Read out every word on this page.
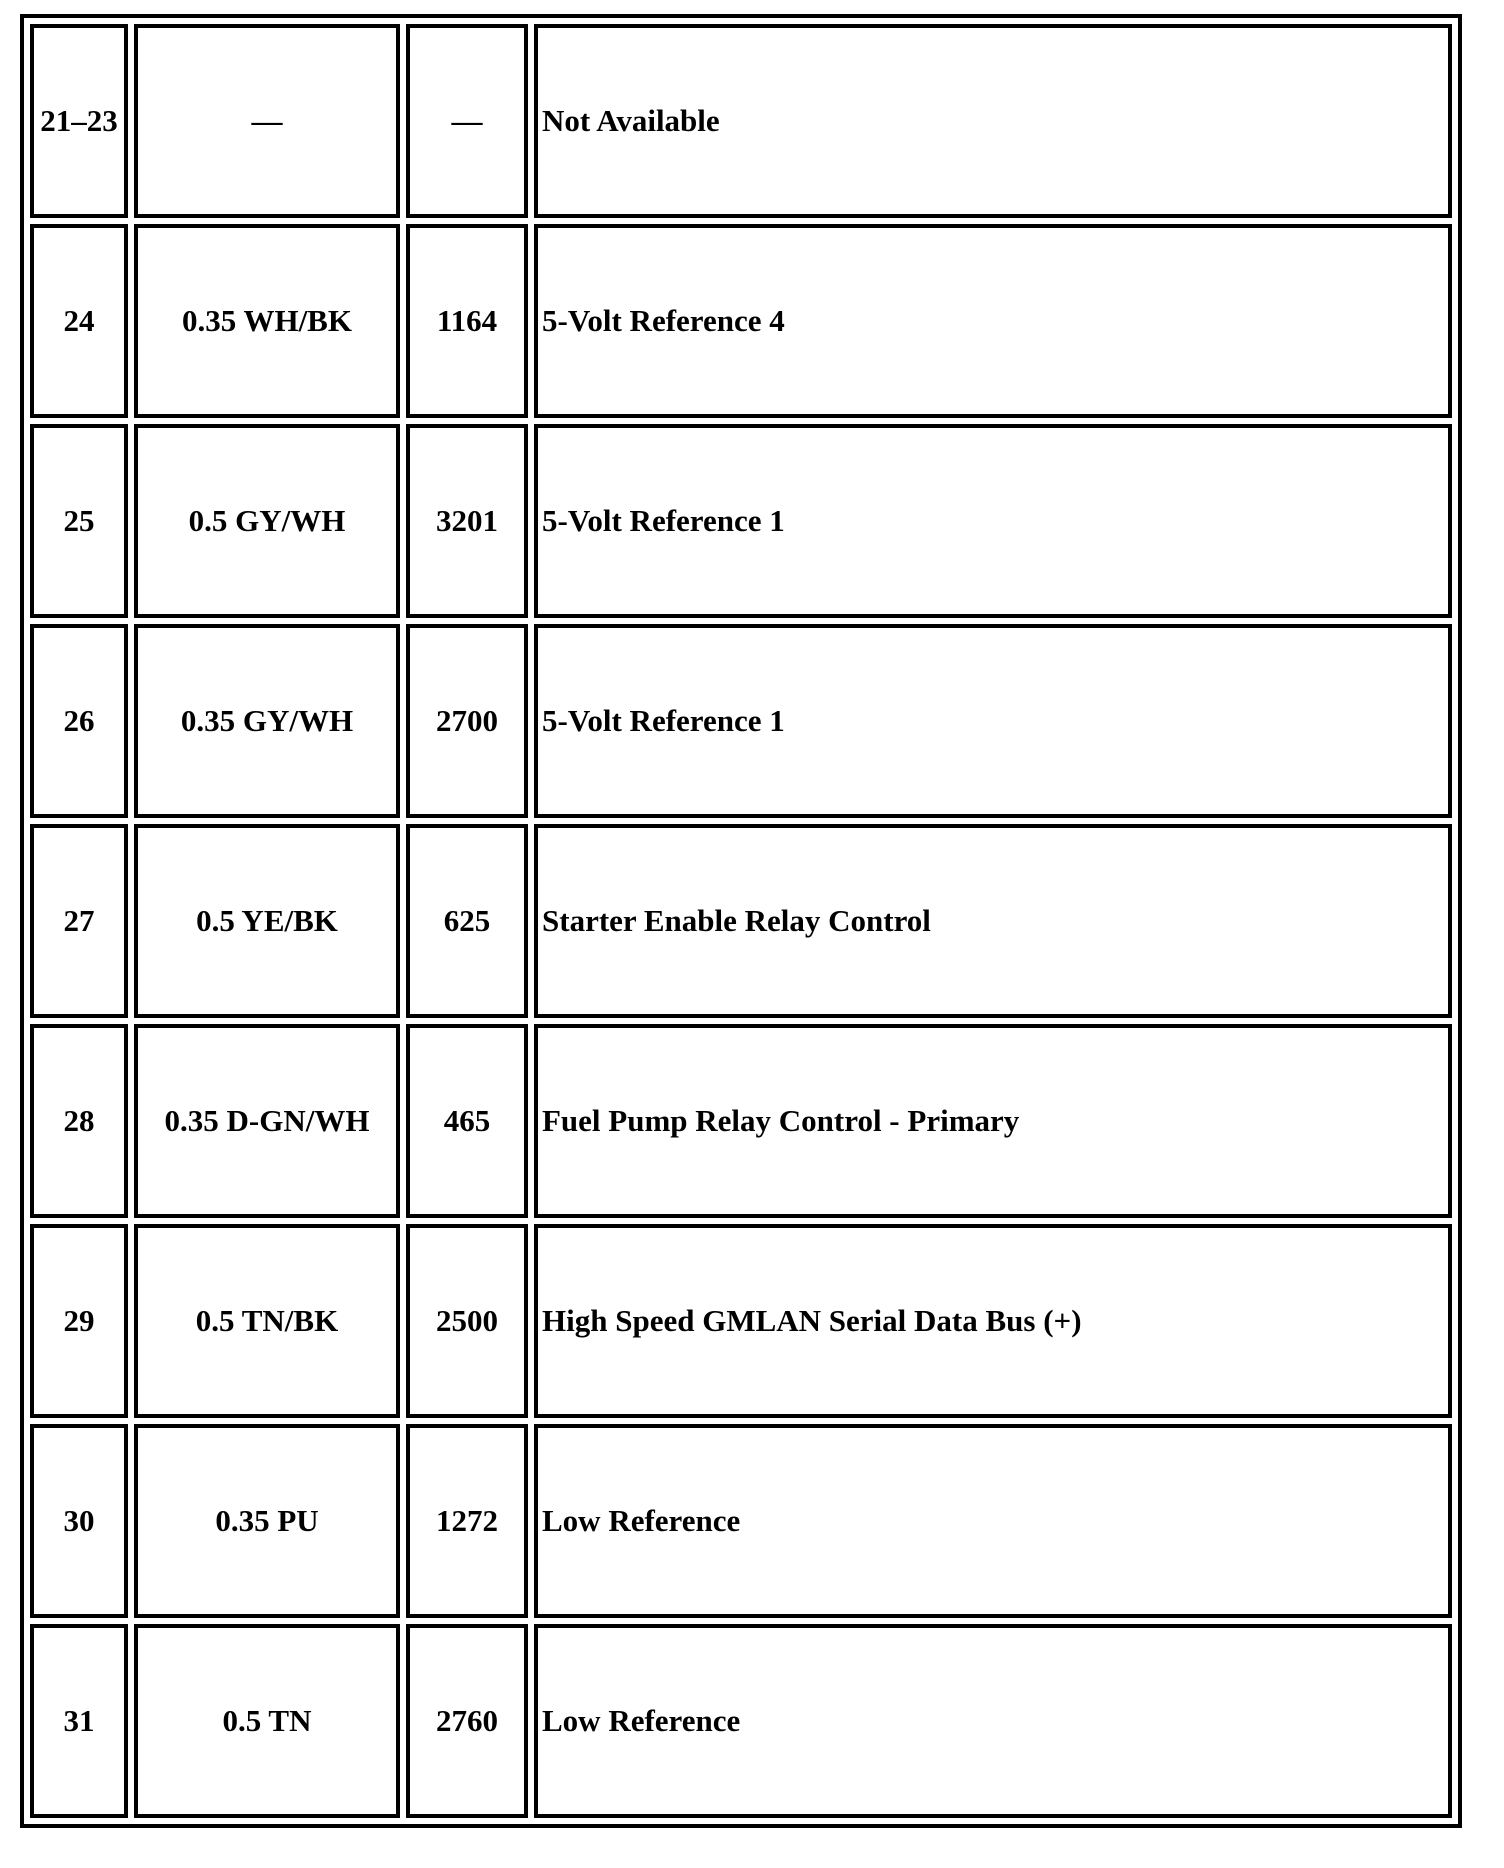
21–23	—	—	Not Available
24	0.35 WH/BK	1164	5-Volt Reference 4
25	0.5 GY/WH	3201	5-Volt Reference 1
26	0.35 GY/WH	2700	5-Volt Reference 1
27	0.5 YE/BK	625	Starter Enable Relay Control
28	0.35 D-GN/WH	465	Fuel Pump Relay Control - Primary
29	0.5 TN/BK	2500	High Speed GMLAN Serial Data Bus (+)
30	0.35 PU	1272	Low Reference
31	0.5 TN	2760	Low Reference
